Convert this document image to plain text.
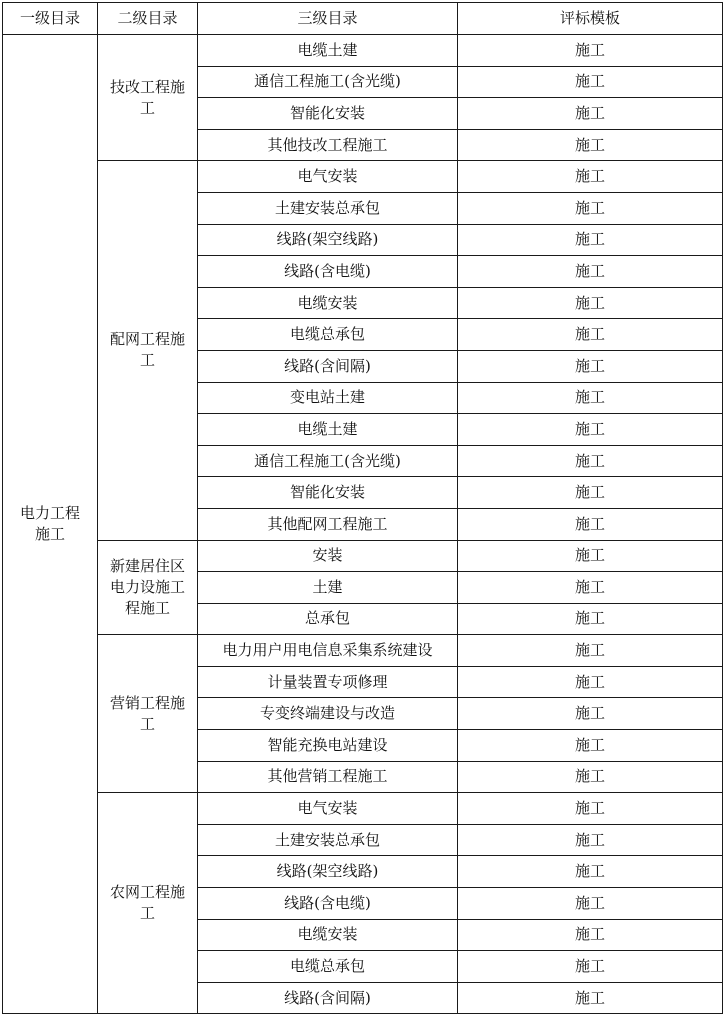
一级目录	二级目录	三级目录	评标模板
电力工程施工	技改工程施工	电缆土建	施工
		通信工程施工(含光缆)	施工
		智能化安装	施工
		其他技改工程施工	施工
	配网工程施工	电气安装	施工
		土建安装总承包	施工
		线路(架空线路)	施工
		线路(含电缆)	施工
		电缆安装	施工
		电缆总承包	施工
		线路(含间隔)	施工
		变电站土建	施工
		电缆土建	施工
		通信工程施工(含光缆)	施工
		智能化安装	施工
		其他配网工程施工	施工
	新建居住区电力设施工程施工	安装	施工
		土建	施工
		总承包	施工
	营销工程施工	电力用户用电信息采集系统建设	施工
		计量装置专项修理	施工
		专变终端建设与改造	施工
		智能充换电站建设	施工
		其他营销工程施工	施工
	农网工程施工	电气安装	施工
		土建安装总承包	施工
		线路(架空线路)	施工
		线路(含电缆)	施工
		电缆安装	施工
		电缆总承包	施工
		线路(含间隔)	施工
